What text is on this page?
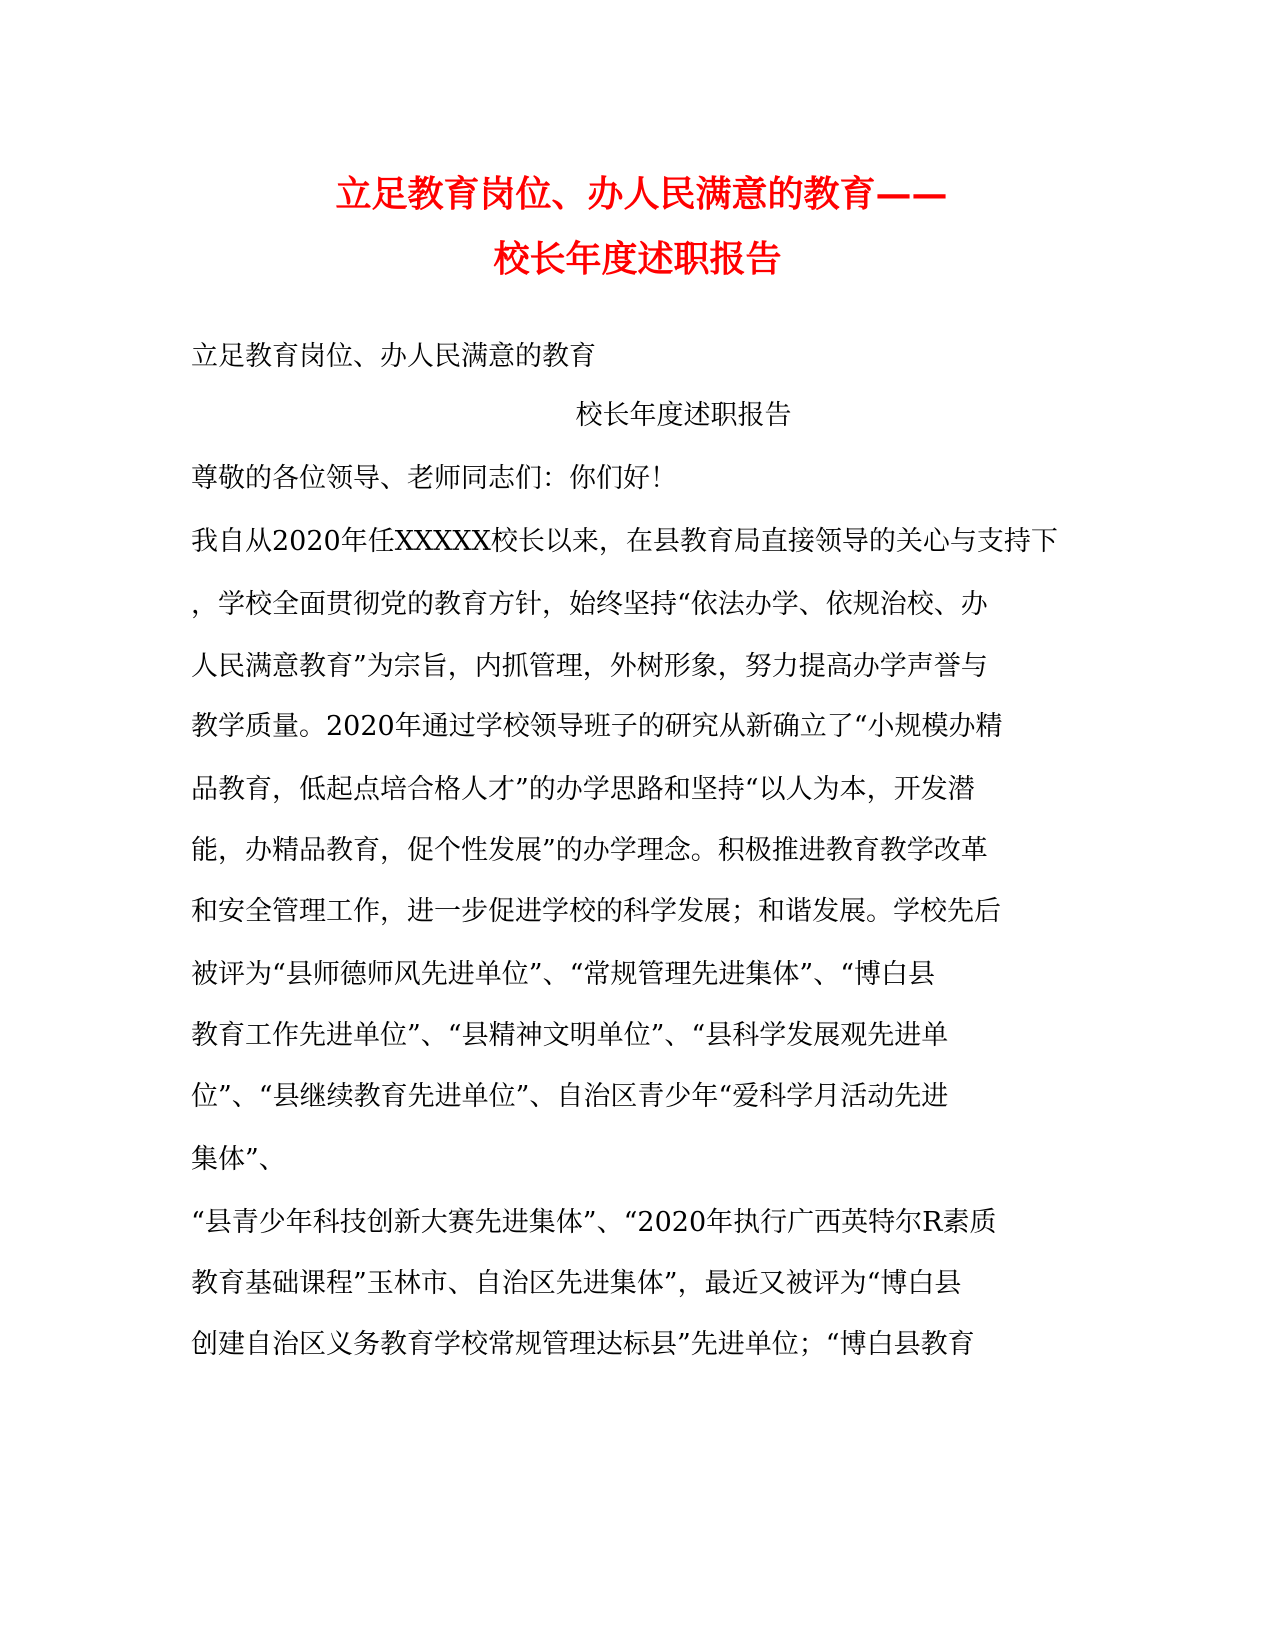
立足教育岗位、办人民满意的教育——
校长年度述职报告
立足教育岗位、办人民满意的教育
校长年度述职报告
尊敬的各位领导、老师同志们：你们好！
我自从2020年任XXXXX校长以来，在县教育局直接领导的关心与支持下
，学校全面贯彻党的教育方针，始终坚持“依法办学、依规治校、办
人民满意教育”为宗旨，内抓管理，外树形象，努力提高办学声誉与
教学质量。2020年通过学校领导班子的研究从新确立了“小规模办精
品教育，低起点培合格人才”的办学思路和坚持“以人为本，开发潜
能，办精品教育，促个性发展”的办学理念。积极推进教育教学改革
和安全管理工作，进一步促进学校的科学发展；和谐发展。学校先后
被评为“县师德师风先进单位”、“常规管理先进集体”、“博白县
教育工作先进单位”、“县精神文明单位”、“县科学发展观先进单
位”、“县继续教育先进单位”、自治区青少年“爱科学月活动先进
集体”、
“县青少年科技创新大赛先进集体”、“2020年执行广西英特尔R素质
教育基础课程”玉林市、自治区先进集体”，最近又被评为“博白县
创建自治区义务教育学校常规管理达标县”先进单位；“博白县教育
